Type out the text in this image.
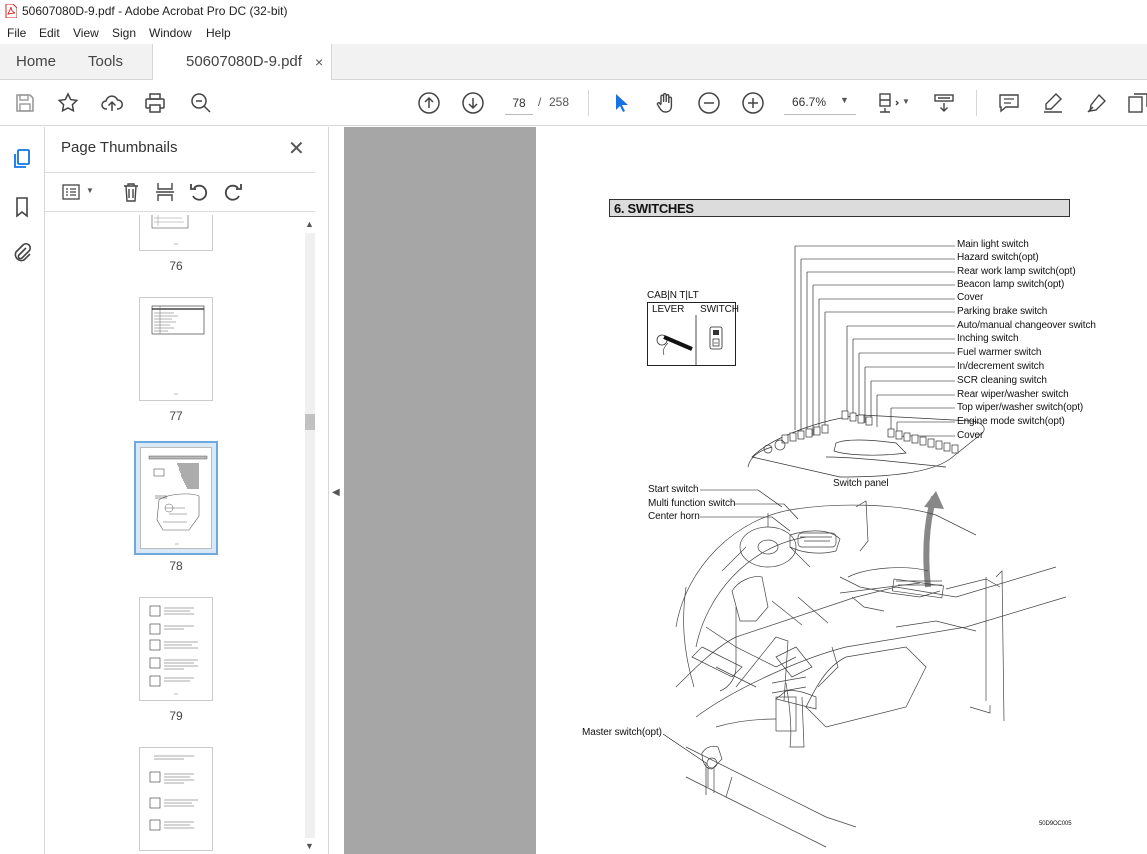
50607080D-9.pdf - Adobe Acrobat Pro DC (32-bit)
File Edit View Sign Window Help
Home Tools	50607080D-9.pdf ×
78
/ 258	66.7% ▼	▼
Page Thumbnails	✕
▼
76
77
78
79
▲
▼
◀
6. SWITCHES
CAB|N T|LT
LEVER SWITCH
Main light switch
Hazard switch(opt)
Rear work lamp switch(opt)
Beacon lamp switch(opt)
Cover
Parking brake switch
Auto/manual changeover switch
Inching switch
Fuel warmer switch
In/decrement switch
SCR cleaning switch
Rear wiper/washer switch
Top wiper/washer switch(opt)
Engine mode switch(opt)
Cover
Switch panel
Start switch
Multi function switch
Center horn
Master switch(opt)
50D9OC005
